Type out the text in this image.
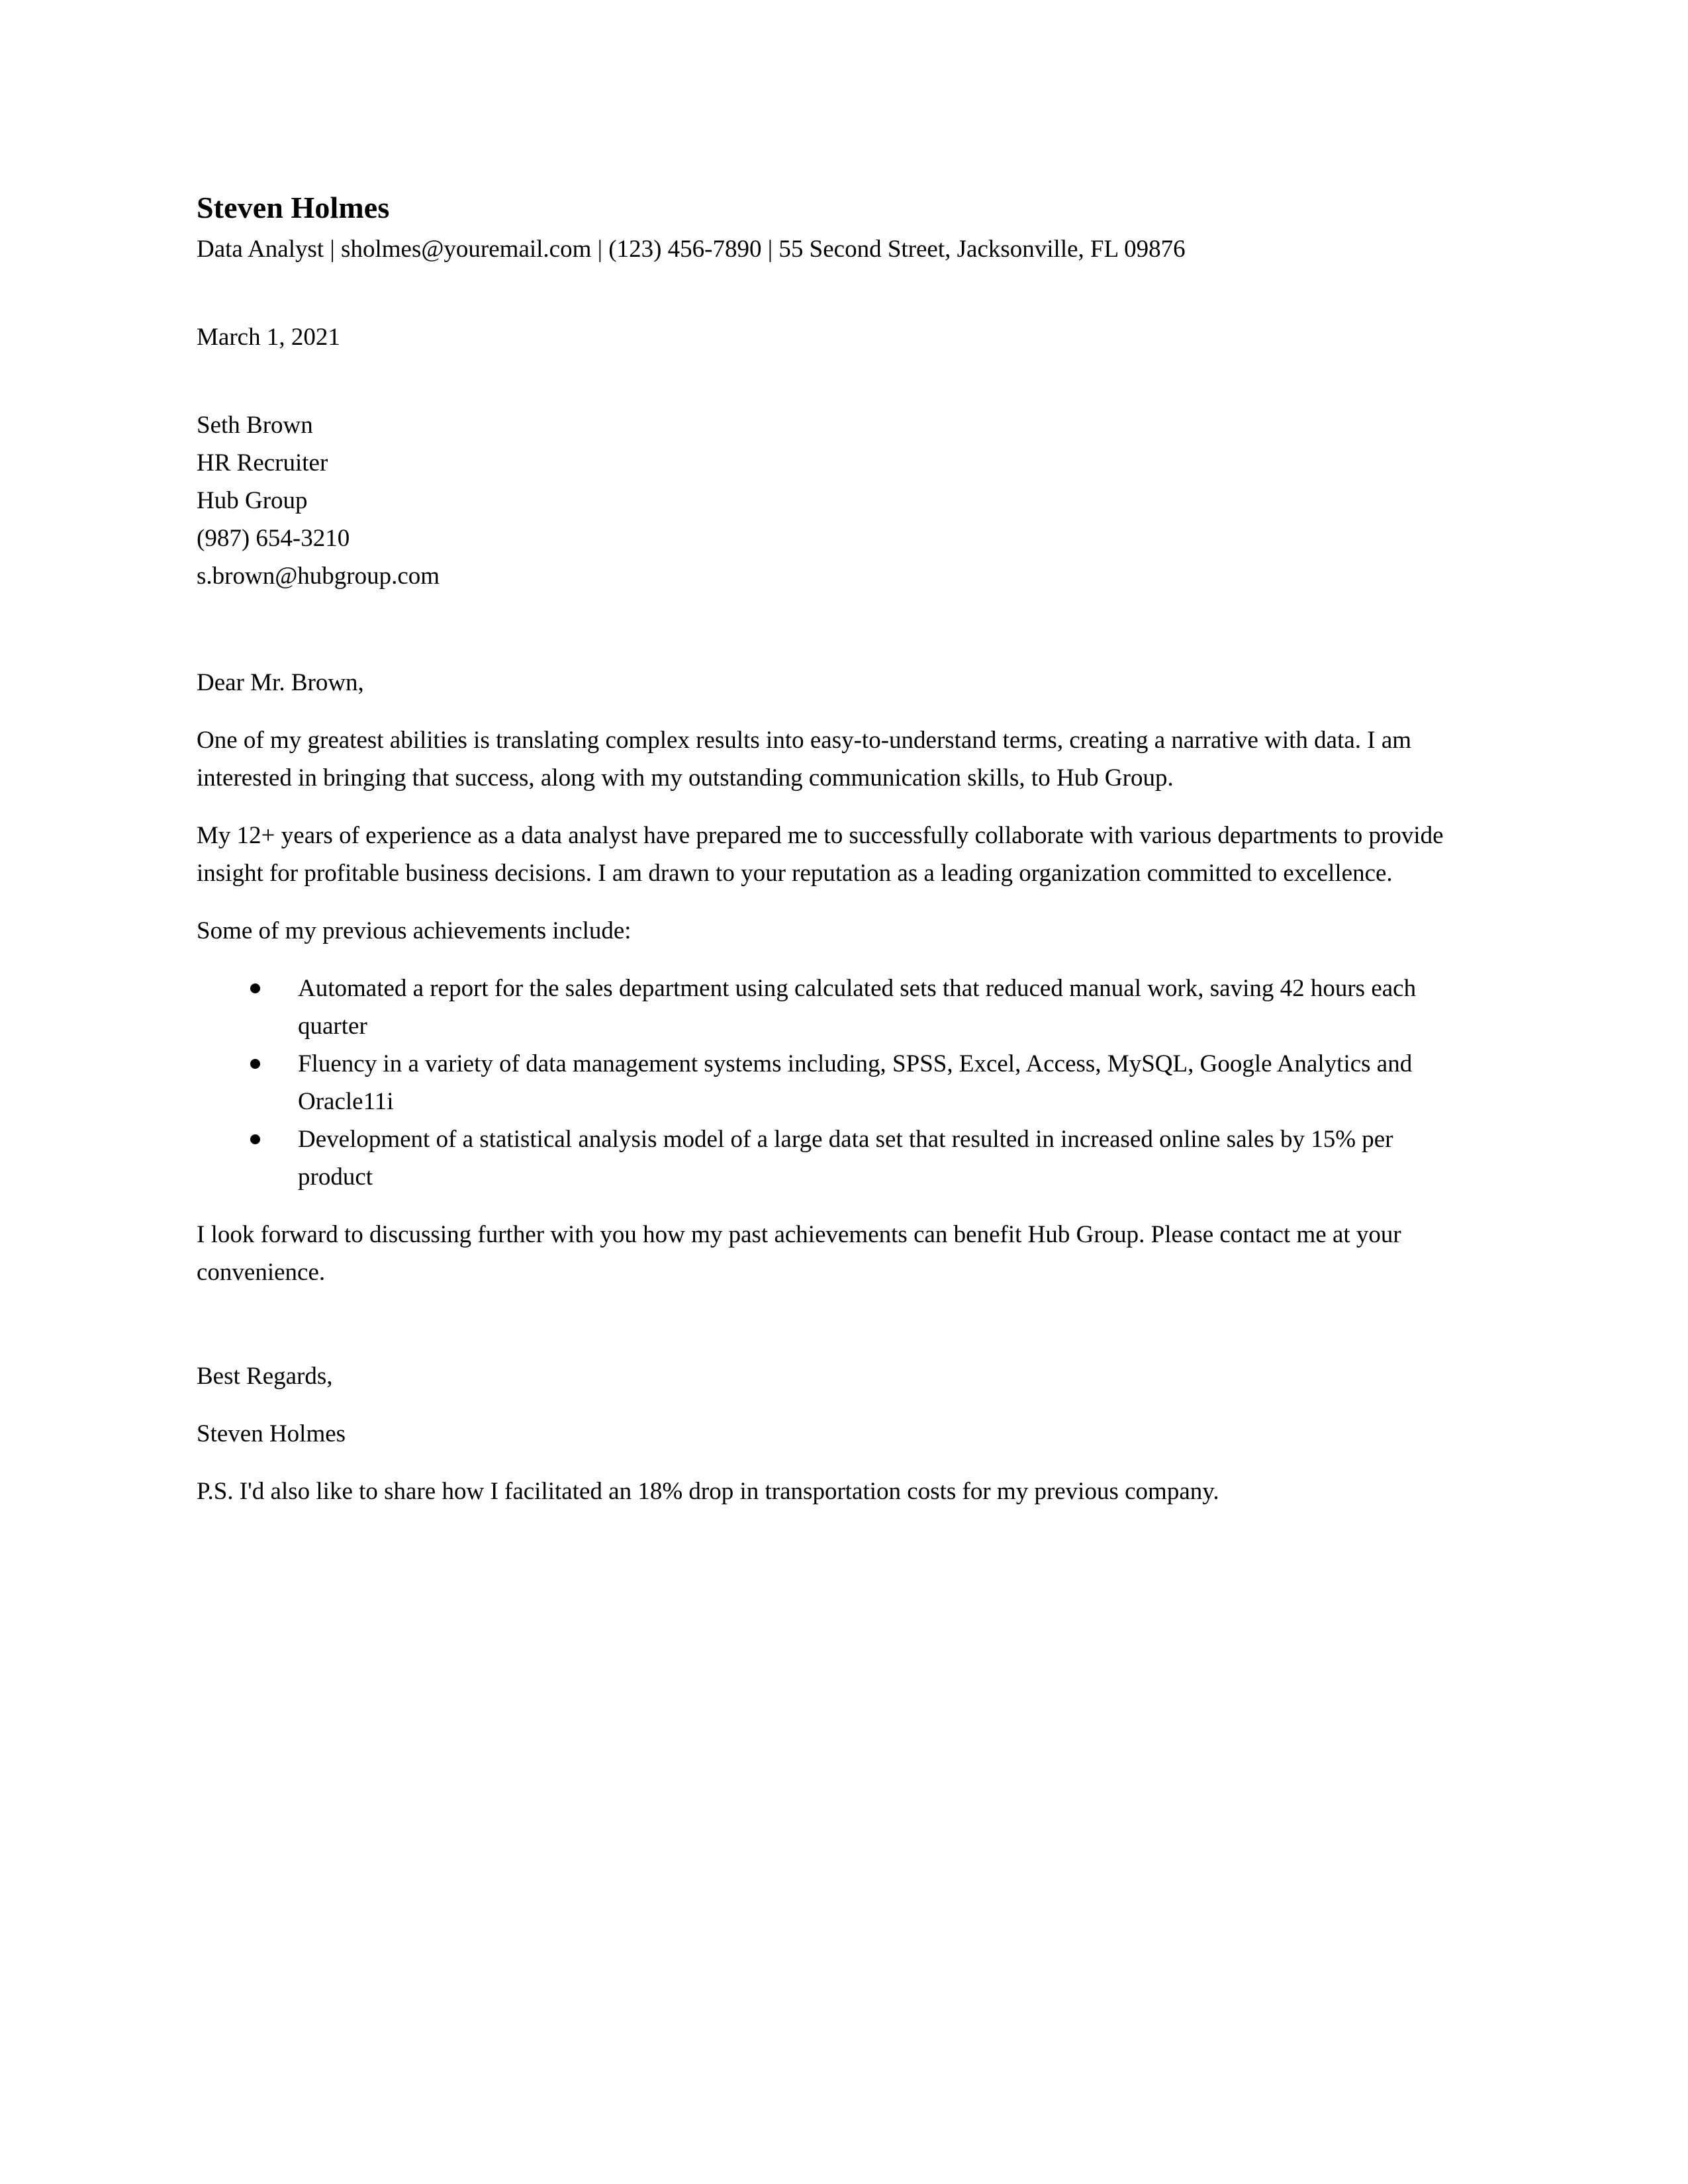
Steven Holmes

Data Analyst | sholmes@youremail.com | (123) 456-7890 | 55 Second Street, Jacksonville, FL 09876

March 1, 2021

Seth Brown

HR Recruiter

Hub Group

(987) 654-3210

s.brown@hubgroup.com

Dear Mr. Brown,

One of my greatest abilities is translating complex results into easy-to-understand terms, creating a narrative with data. I am interested in bringing that success, along with my outstanding communication skills, to Hub Group.

My 12+ years of experience as a data analyst have prepared me to successfully collaborate with various departments to provide insight for profitable business decisions. I am drawn to your reputation as a leading organization committed to excellence.

Some of my previous achievements include:

Automated a report for the sales department using calculated sets that reduced manual work, saving 42 hours each quarter
Fluency in a variety of data management systems including, SPSS, Excel, Access, MySQL, Google Analytics and Oracle11i
Development of a statistical analysis model of a large data set that resulted in increased online sales by 15% per product

I look forward to discussing further with you how my past achievements can benefit Hub Group. Please contact me at your convenience.

Best Regards,

Steven Holmes

P.S. I'd also like to share how I facilitated an 18% drop in transportation costs for my previous company.
